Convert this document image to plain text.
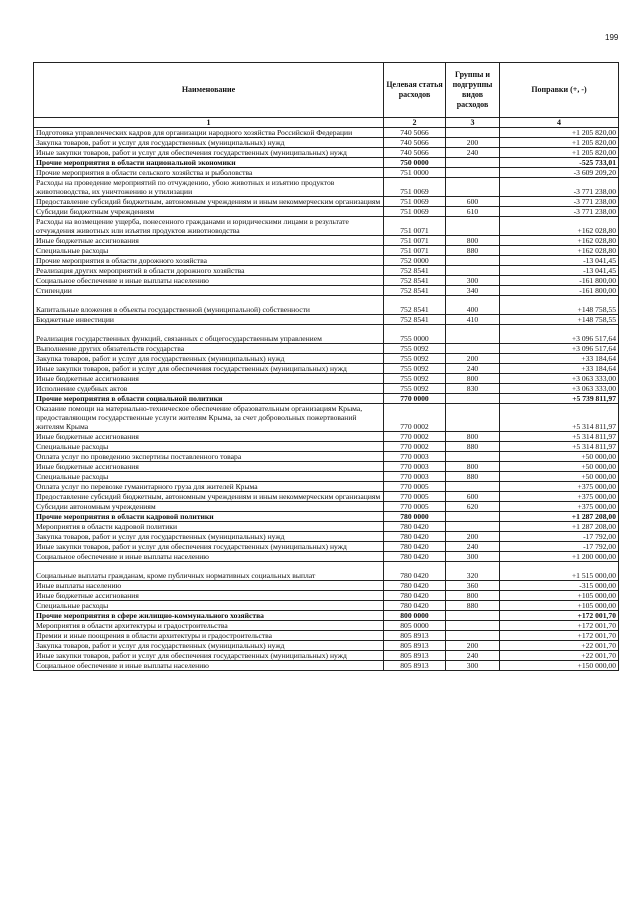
199
Наименование	Целевая статья расходов	Группы и подгруппы видов расходов	Поправки (+, -)
1	2	3	4
Подготовка управленческих кадров для организации народного хозяйства Российской Федерации	740 5066		+1 205 820,00
Закупка товаров, работ и услуг для государственных (муниципальных) нужд	740 5066	200	+1 205 820,00
Иные закупки товаров, работ и услуг для обеспечения государственных (муниципальных) нужд	740 5066	240	+1 205 820,00
Прочие мероприятия в области национальной экономики	750 0000		-525 733,01
Прочие мероприятия в области сельского хозяйства и рыболовства	751 0000		-3 609 209,20
Расходы на проведение мероприятий по отчуждению, убою животных и изъятию продуктов животноводства, их уничтожению и утилизации	751 0069		-3 771 238,00
Предоставление субсидий бюджетным, автономным учреждениям и иным некоммерческим организациям	751 0069	600	-3 771 238,00
Субсидии бюджетным учреждениям	751 0069	610	-3 771 238,00
Расходы на возмещение ущерба, понесенного гражданами и юридическими лицами в результате отчуждения животных или изъятия продуктов животноводства	751 0071		+162 028,80
Иные бюджетные ассигнования	751 0071	800	+162 028,80
Специальные расходы	751 0071	880	+162 028,80
Прочие мероприятия в области дорожного хозяйства	752 0000		-13 041,45
Реализация других мероприятий в области дорожного хозяйства	752 8541		-13 041,45
Социальное обеспечение и иные выплаты населению	752 8541	300	-161 800,00
Стипендии	752 8541	340	-161 800,00
Капитальные вложения в объекты государственной (муниципальной) собственности	752 8541	400	+148 758,55
Бюджетные инвестиции	752 8541	410	+148 758,55
Реализация государственных функций, связанных с общегосударственным управлением	755 0000		+3 096 517,64
Выполнение других обязательств государства	755 0092		+3 096 517,64
Закупка товаров, работ и услуг для государственных (муниципальных) нужд	755 0092	200	+33 184,64
Иные закупки товаров, работ и услуг для обеспечения государственных (муниципальных) нужд	755 0092	240	+33 184,64
Иные бюджетные ассигнования	755 0092	800	+3 063 333,00
Исполнение судебных актов	755 0092	830	+3 063 333,00
Прочие мероприятия в области социальной политики	770 0000		+5 739 811,97
Оказание помощи на материально-техническое обеспечение образовательным организациям Крыма, предоставляющим государственные услуги жителям Крыма, за счет добровольных пожертвований жителям Крыма	770 0002		+5 314 811,97
Иные бюджетные ассигнования	770 0002	800	+5 314 811,97
Специальные расходы	770 0002	880	+5 314 811,97
Оплата услуг по проведению экспертизы поставленного товара	770 0003		+50 000,00
Иные бюджетные ассигнования	770 0003	800	+50 000,00
Специальные расходы	770 0003	880	+50 000,00
Оплата услуг по перевозке гуманитарного груза для жителей Крыма	770 0005		+375 000,00
Предоставление субсидий бюджетным, автономным учреждениям и иным некоммерческим организациям	770 0005	600	+375 000,00
Субсидии автономным учреждениям	770 0005	620	+375 000,00
Прочие мероприятия в области кадровой политики	780 0000		+1 287 208,00
Мероприятия в области кадровой политики	780 0420		+1 287 208,00
Закупка товаров, работ и услуг для государственных (муниципальных) нужд	780 0420	200	-17 792,00
Иные закупки товаров, работ и услуг для обеспечения государственных (муниципальных) нужд	780 0420	240	-17 792,00
Социальное обеспечение и иные выплаты населению	780 0420	300	+1 200 000,00
Социальные выплаты гражданам, кроме публичных нормативных социальных выплат	780 0420	320	+1 515 000,00
Иные выплаты населению	780 0420	360	-315 000,00
Иные бюджетные ассигнования	780 0420	800	+105 000,00
Специальные расходы	780 0420	880	+105 000,00
Прочие мероприятия в сфере жилищно-коммунального хозяйства	800 0000		+172 001,70
Мероприятия в области архитектуры и градостроительства	805 0000		+172 001,70
Премии и иные поощрения в области архитектуры и градостроительства	805 8913		+172 001,70
Закупка товаров, работ и услуг для государственных (муниципальных) нужд	805 8913	200	+22 001,70
Иные закупки товаров, работ и услуг для обеспечения государственных (муниципальных) нужд	805 8913	240	+22 001,70
Социальное обеспечение и иные выплаты населению	805 8913	300	+150 000,00
